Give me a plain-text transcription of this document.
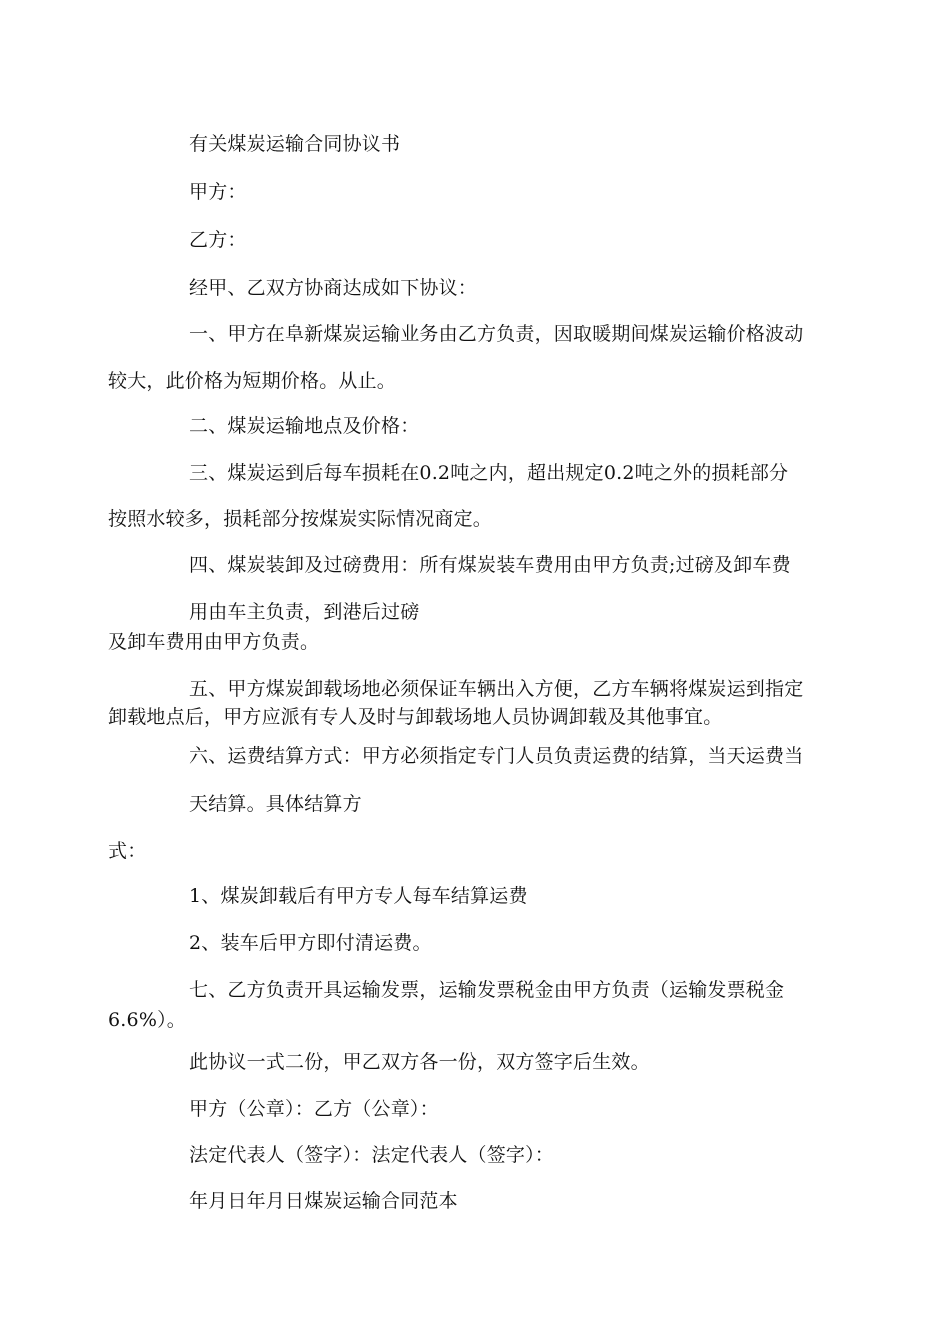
有关煤炭运输合同协议书
甲方：
乙方：
经甲、乙双方协商达成如下协议：
一、甲方在阜新煤炭运输业务由乙方负责，因取暖期间煤炭运输价格波动
较大，此价格为短期价格。从止。
二、煤炭运输地点及价格：
三、煤炭运到后每车损耗在0.2吨之内，超出规定0.2吨之外的损耗部分
按照水较多，损耗部分按煤炭实际情况商定。
四、煤炭装卸及过磅费用：所有煤炭装车费用由甲方负责;过磅及卸车费
用由车主负责，到港后过磅
及卸车费用由甲方负责。
五、甲方煤炭卸载场地必须保证车辆出入方便，乙方车辆将煤炭运到指定
卸载地点后，甲方应派有专人及时与卸载场地人员协调卸载及其他事宜。
六、运费结算方式：甲方必须指定专门人员负责运费的结算，当天运费当
天结算。具体结算方
式：
1、煤炭卸载后有甲方专人每车结算运费
2、装车后甲方即付清运费。
七、乙方负责开具运输发票，运输发票税金由甲方负责（运输发票税金
6.6%）。
此协议一式二份，甲乙双方各一份，双方签字后生效。
甲方（公章）：乙方（公章）：
法定代表人（签字）：法定代表人（签字）：
年月日年月日煤炭运输合同范本
